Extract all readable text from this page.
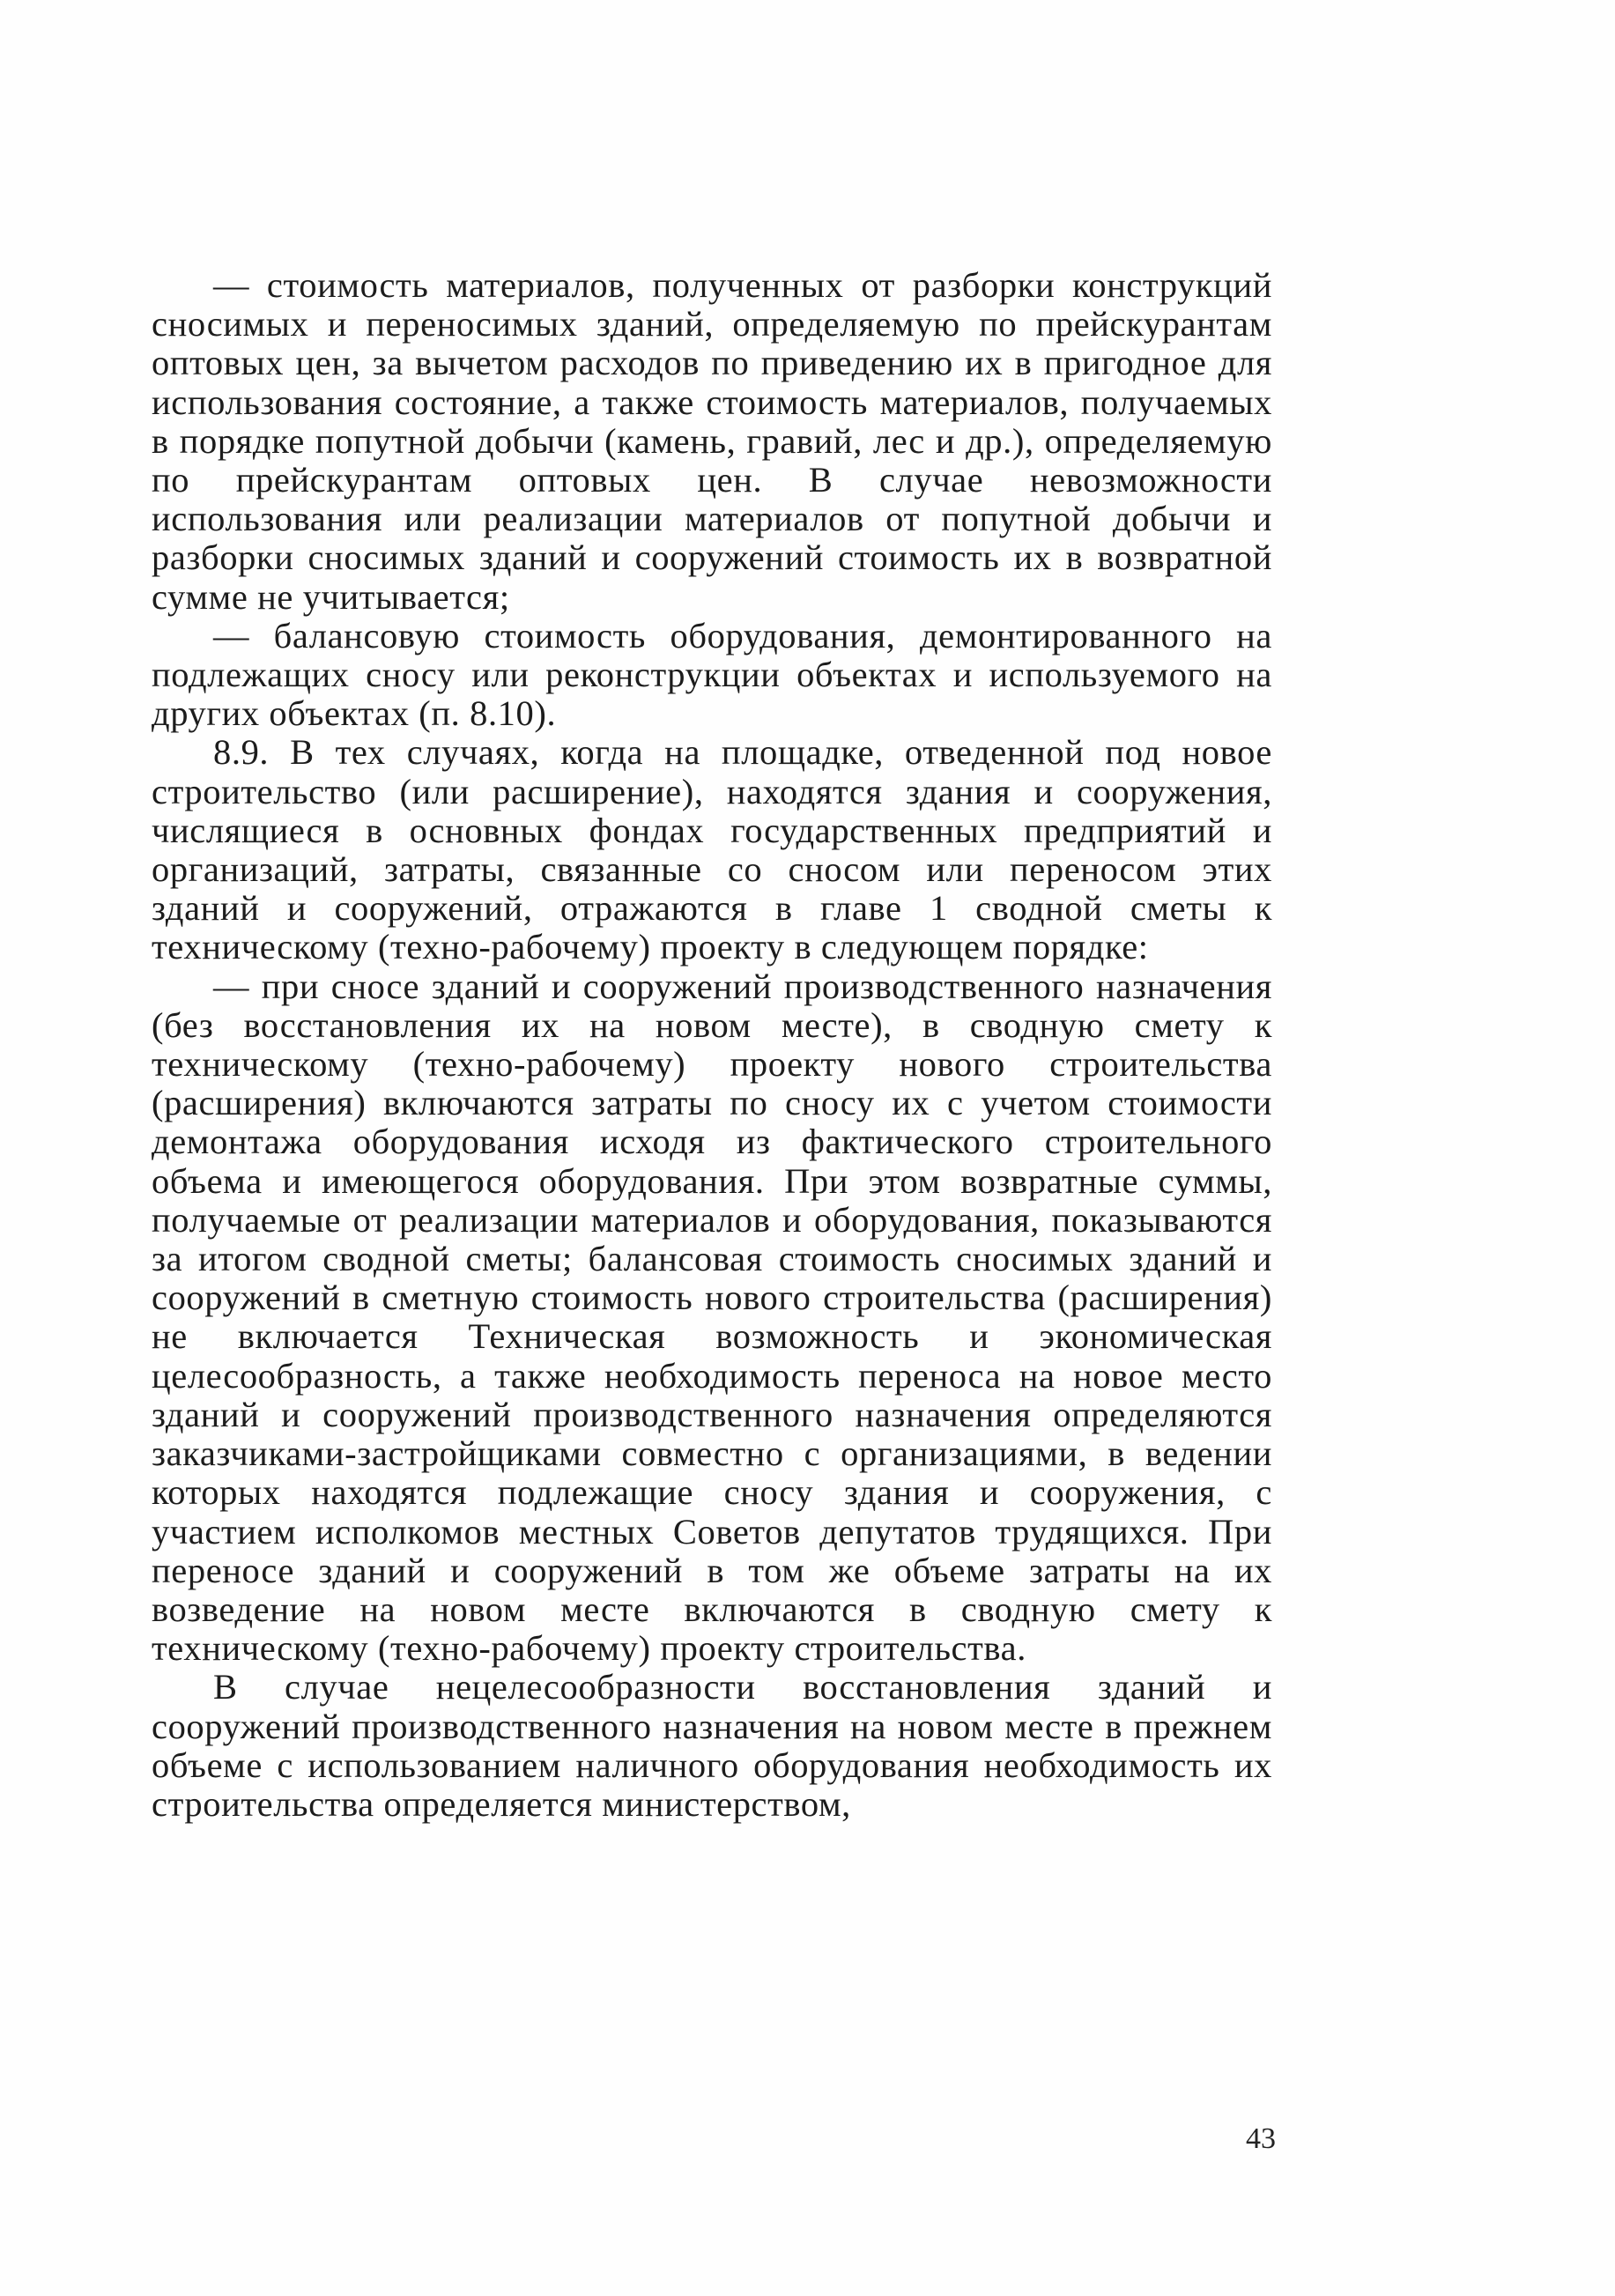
— стоимость материалов, полученных от разборки конструкций сносимых и переносимых зданий, определяемую по прейскурантам оптовых цен, за вычетом расходов по приведению их в пригодное для использования состояние, а также стоимость материалов, получаемых в порядке попутной добычи (камень, гравий, лес и др.), определяемую по прейскурантам оптовых цен. В случае невозможности использования или реализации материалов от попутной добычи и разборки сносимых зданий и сооружений стоимость их в возвратной сумме не учитывается;

— балансовую стоимость оборудования, демонтированного на подлежащих сносу или реконструкции объектах и используемого на других объектах (п. 8.10).

8.9. В тех случаях, когда на площадке, отведенной под новое строительство (или расширение), находятся здания и сооружения, числящиеся в основных фондах государственных предприятий и организаций, затраты, связанные со сносом или переносом этих зданий и сооружений, отражаются в главе 1 сводной сметы к техническому (техно-рабочему) проекту в следующем порядке:

— при сносе зданий и сооружений производственного назначения (без восстановления их на новом месте), в сводную смету к техническому (техно-рабочему) проекту нового строительства (расширения) включаются затраты по сносу их с учетом стоимости демонтажа оборудования исходя из фактического строительного объема и имеющегося оборудования. При этом возвратные суммы, получаемые от реализации материалов и оборудования, показываются за итогом сводной сметы; балансовая стоимость сносимых зданий и сооружений в сметную стоимость нового строительства (расширения) не включается Техническая возможность и экономическая целесообразность, а также необходимость переноса на новое место зданий и сооружений производственного назначения определяются заказчиками-застройщиками совместно с организациями, в ведении которых находятся подлежащие сносу здания и сооружения, с участием исполкомов местных Советов депутатов трудящихся. При переносе зданий и сооружений в том же объеме затраты на их возведение на новом месте включаются в сводную смету к техническому (техно-рабочему) проекту строительства.

В случае нецелесообразности восстановления зданий и сооружений производственного назначения на новом месте в прежнем объеме с использованием наличного оборудования необходимость их строительства определяется министерством,

43
